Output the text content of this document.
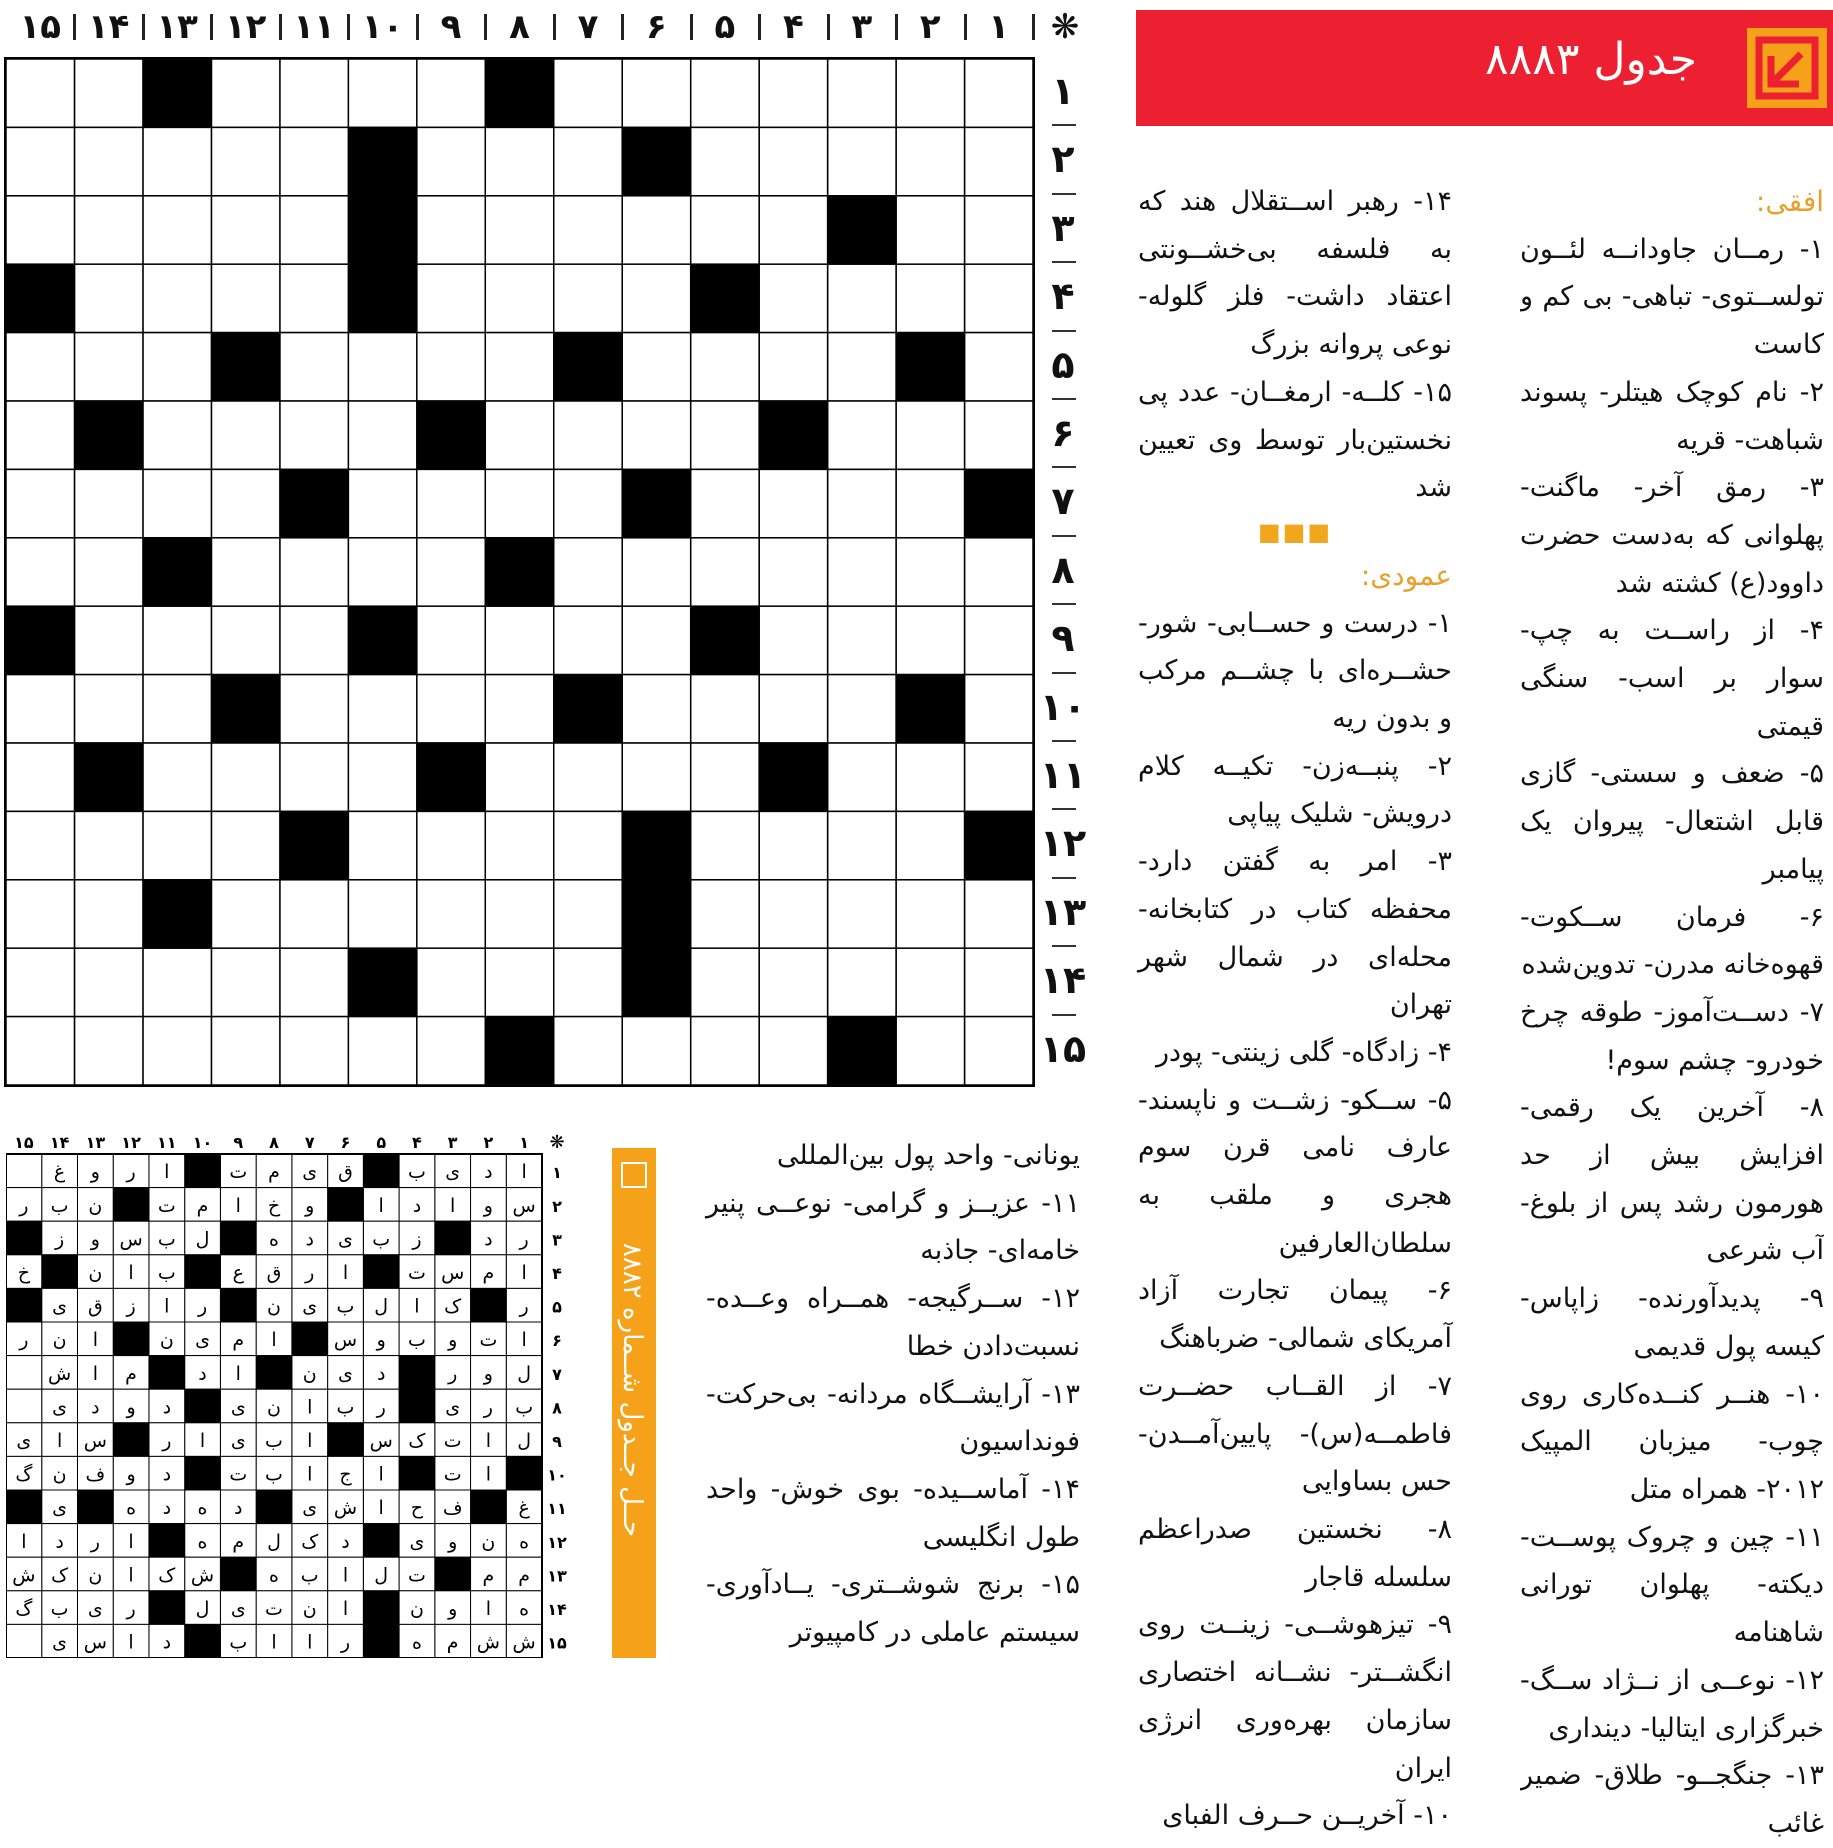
❋
۱
۲
۳
۴
۵
۶
۷
۸
۹
۱۰
۱۱
۱۲
۱۳
۱۴
۱۵
۱
۲
۳
۴
۵
۶
۷
۸
۹
۱۰
۱۱
۱۲
۱۳
۱۴
۱۵
جدول ۸۸۸۳

افقی:

۱- رمــان جاودانــه لئــون تولســتوی- تباهی- بی کم و کاست

۲- نام کوچک هیتلر- پسوند شباهت- قریه

۳- رمق آخر- ماگنت- پهلوانی که به‌دست حضرت داوود(ع) کشته شد

۴- از راســت به چپ- سوار بر اسب- سنگی قیمتی

۵- ضعف و سستی- گازی قابل اشتعال- پیروان یک پیامبر

۶- فرمان ســکوت- قهوه‌خانه مدرن- تدوین‌شده

۷- دســت‌آموز- طوقه چرخ خودرو- چشم سوم!

۸- آخرین یک رقمی- افزایش بیش از حد هورمون رشد پس از بلوغ- آب شرعی

۹- پدیدآورنده- زاپاس- کیسه پول قدیمی

۱۰- هنــر کنــده‌کاری روی چوب- میزبان المپیک ۲۰۱۲- همراه متل

۱۱- چین و چروک پوســت- دیکته- پهلوان تورانی شاهنامه

۱۲- نوعــی از نــژاد ســگ- خبرگزاری ایتالیا- دینداری

۱۳- جنگجــو- طلاق- ضمیر غائب

۱۴- رهبر اســتقلال هند که به فلسفه بی‌خشــونتی اعتقاد داشت- فلز گلوله- نوعی پروانه بزرگ

۱۵- کلــه- ارمغــان- عدد پی نخستین‌بار توسط وی تعیین شد

■■■

عمودی:

۱- درست و حســابی- شور- حشــره‌ای با چشــم مرکب و بدون ریه

۲- پنبــه‌زن- تکیــه کلام درویش- شلیک پیاپی

۳- امر به گفتن دارد- محفظه کتاب در کتابخانه- محله‌ای در شمال شهر تهران

۴- زادگاه- گلی زینتی- پودر

۵- ســکو- زشــت و ناپسند- عارف نامی قرن سوم هجری و ملقب به سلطان‌العارفین

۶- پیمان تجارت آزاد آمریکای شمالی- ضرباهنگ

۷- از القــاب حضــرت فاطمــه(س)- پایین‌آمــدن- حس بساوایی

۸- نخستین صدراعظم سلسله قاجار

۹- تیزهوشــی- زینــت روی انگشــتر- نشــانه اختصاری سازمان بهره‌وری انرژی ایران

۱۰- آخریــن حــرف الفبای

یونانی- واحد پول بین‌المللی

۱۱- عزیــز و گرامی- نوعــی پنیر خامه‌ای- جاذبه

۱۲- ســرگیجه- همــراه وعــده- نسبت‌دادن خطا

۱۳- آرایشــگاه مردانه- بی‌حرکت- فونداسیون

۱۴- آماســیده- بوی خوش- واحد طول انگلیسی

۱۵- برنج شوشــتری- یــادآوری- سیستم عاملی در کامپیوتر

حــل جــدول شــماره ۸۸۸۲
❋
۱
۲
۳
۴
۵
۶
۷
۸
۹
۱۰
۱۱
۱۲
۱۳
۱۴
۱۵
۱
۲
۳
۴
۵
۶
۷
۸
۹
۱۰
۱۱
۱۲
۱۳
۱۴
۱۵
ا
د
ی
ب
ق
ی
م
ت
ا
ر
و
غ
س
و
ا
د
ا
و
خ
ا
م
ت
ن
ب
ر
ر
د
ز
ب
ی
د
ه
ل
ب
س
و
ز
ا
م
س
ت
ا
ر
ق
ع
ب
ا
ن
خ
ر
ک
ا
ل
ب
ی
ن
ر
ا
ز
ق
ی
ا
ت
و
ب
و
س
ا
م
ی
ن
ا
ن
ر
ل
و
ر
د
ی
ن
ا
د
م
ا
ش
ب
ر
ی
ر
ب
ا
ن
ی
د
و
د
ی
ل
ا
ت
ک
س
ا
ب
ی
ا
ر
س
ا
ی
ا
ت
ا
ج
ا
ب
ت
د
و
ف
ن
گ
غ
ف
ح
ا
ش
ی
د
ه
د
ه
ی
ه
ن
و
ی
د
ک
ل
م
ه
ا
ر
د
ا
م
م
ت
ل
ا
ب
ه
ش
ک
ا
ن
ک
ش
ه
ا
و
ن
ا
ن
ت
ی
ل
ر
ی
ب
گ
ش
ش
م
ه
ر
ا
ا
ب
د
ا
س
ی
